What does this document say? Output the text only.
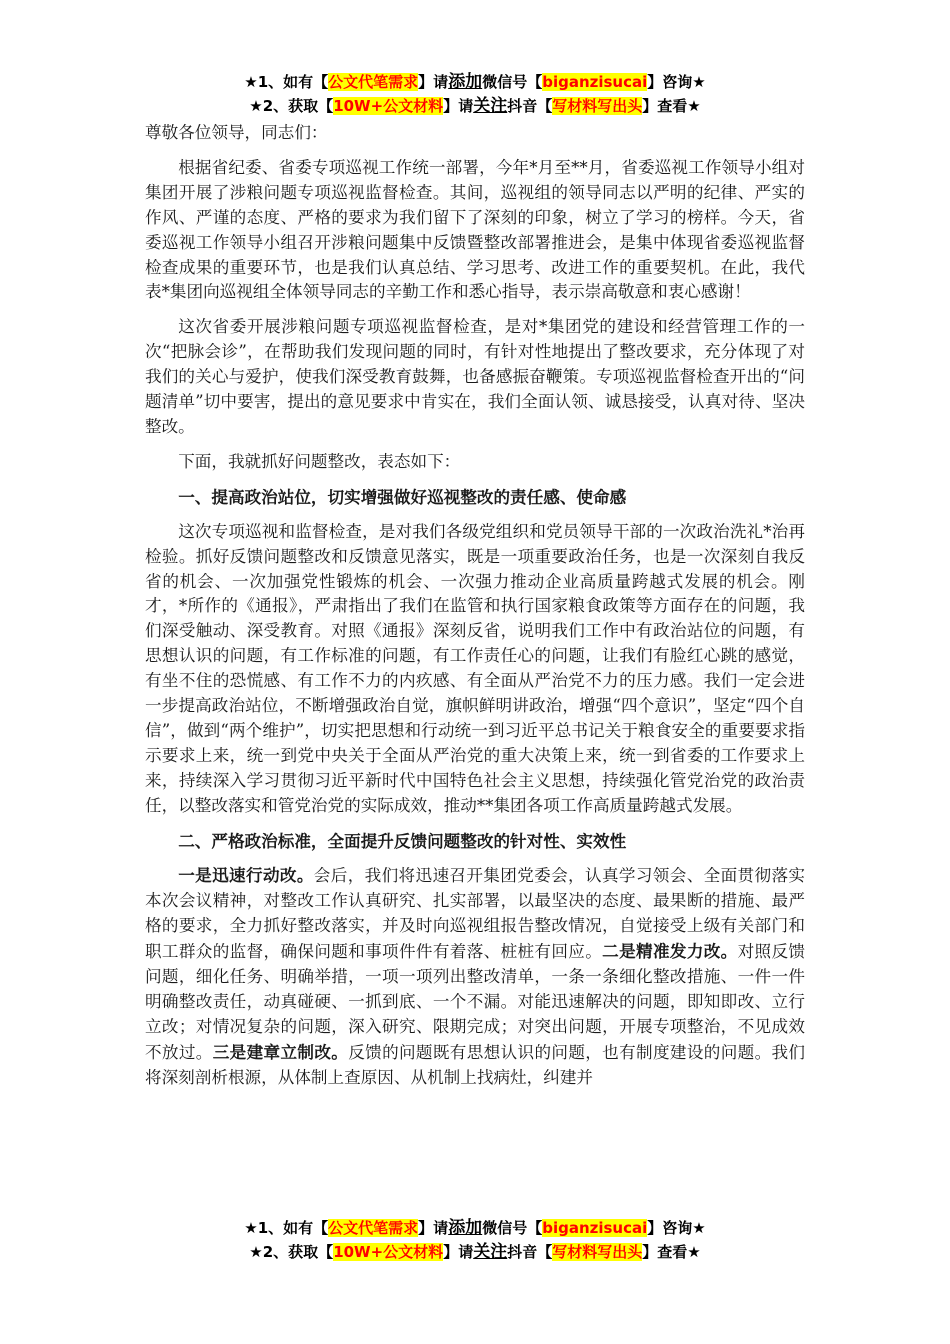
★1、如有【公文代笔需求】请添加微信号【biganzisucai】咨询★
★2、获取【10W+公文材料】请关注抖音【写材料写出头】查看★

尊敬各位领导，同志们：

根据省纪委、省委专项巡视工作统一部署，今年*月至**月，省委巡视工作领导小组对集团开展了涉粮问题专项巡视监督检查。其间，巡视组的领导同志以严明的纪律、严实的作风、严谨的态度、严格的要求为我们留下了深刻的印象，树立了学习的榜样。今天，省委巡视工作领导小组召开涉粮问题集中反馈暨整改部署推进会，是集中体现省委巡视监督检查成果的重要环节，也是我们认真总结、学习思考、改进工作的重要契机。在此，我代表*集团向巡视组全体领导同志的辛勤工作和悉心指导，表示崇高敬意和衷心感谢！

这次省委开展涉粮问题专项巡视监督检查，是对*集团党的建设和经营管理工作的一次“把脉会诊”，在帮助我们发现问题的同时，有针对性地提出了整改要求，充分体现了对我们的关心与爱护，使我们深受教育鼓舞，也备感振奋鞭策。专项巡视监督检查开出的“问题清单”切中要害，提出的意见要求中肯实在，我们全面认领、诚恳接受，认真对待、坚决整改。

下面，我就抓好问题整改，表态如下：

一、提高政治站位，切实增强做好巡视整改的责任感、使命感

这次专项巡视和监督检查，是对我们各级党组织和党员领导干部的一次政治洗礼*治再检验。抓好反馈问题整改和反馈意见落实，既是一项重要政治任务，也是一次深刻自我反省的机会、一次加强党性锻炼的机会、一次强力推动企业高质量跨越式发展的机会。刚才，*所作的《通报》，严肃指出了我们在监管和执行国家粮食政策等方面存在的问题，我们深受触动、深受教育。对照《通报》深刻反省，说明我们工作中有政治站位的问题，有思想认识的问题，有工作标准的问题，有工作责任心的问题，让我们有脸红心跳的感觉，有坐不住的恐慌感、有工作不力的内疚感、有全面从严治党不力的压力感。我们一定会进一步提高政治站位，不断增强政治自觉，旗帜鲜明讲政治，增强“四个意识”，坚定“四个自信”，做到“两个维护”，切实把思想和行动统一到习近平总书记关于粮食安全的重要要求指示要求上来，统一到党中央关于全面从严治党的重大决策上来，统一到省委的工作要求上来，持续深入学习贯彻习近平新时代中国特色社会主义思想，持续强化管党治党的政治责任，以整改落实和管党治党的实际成效，推动**集团各项工作高质量跨越式发展。

二、严格政治标准，全面提升反馈问题整改的针对性、实效性

一是迅速行动改。会后，我们将迅速召开集团党委会，认真学习领会、全面贯彻落实本次会议精神，对整改工作认真研究、扎实部署，以最坚决的态度、最果断的措施、最严格的要求，全力抓好整改落实，并及时向巡视组报告整改情况，自觉接受上级有关部门和职工群众的监督，确保问题和事项件件有着落、桩桩有回应。二是精准发力改。对照反馈问题，细化任务、明确举措，一项一项列出整改清单，一条一条细化整改措施、一件一件明确整改责任，动真碰硬、一抓到底、一个不漏。对能迅速解决的问题，即知即改、立行立改；对情况复杂的问题，深入研究、限期完成；对突出问题，开展专项整治，不见成效不放过。三是建章立制改。反馈的问题既有思想认识的问题，也有制度建设的问题。我们将深刻剖析根源，从体制上查原因、从机制上找病灶，纠建并

★1、如有【公文代笔需求】请添加微信号【biganzisucai】咨询★
★2、获取【10W+公文材料】请关注抖音【写材料写出头】查看★
